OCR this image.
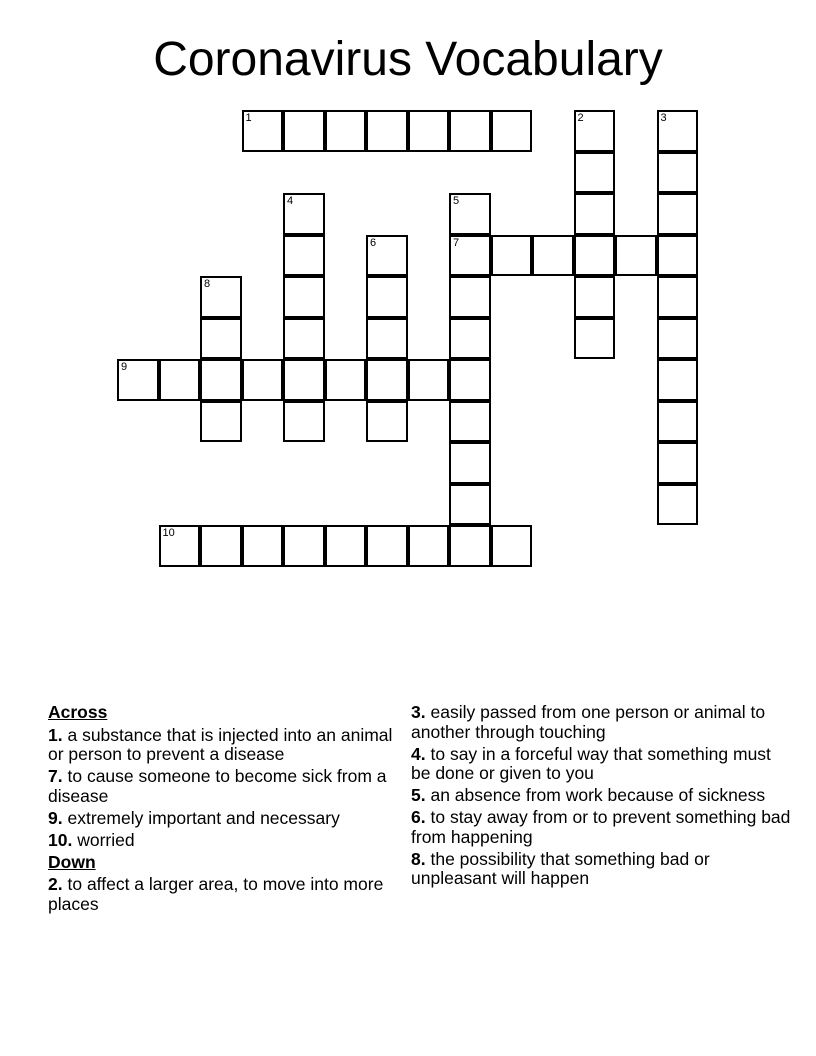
Coronavirus Vocabulary
1	2	3
4	5
7
6
8
9
10
Across
1. a substance that is injected into an animal or person to prevent a disease
7. to cause someone to become sick from a disease
9. extremely important and necessary
10. worried
Down
2. to affect a larger area, to move into more places
3. easily passed from one person or animal to another through touching
4. to say in a forceful way that something must be done or given to you
5. an absence from work because of sickness
6. to stay away from or to prevent something bad from happening
8. the possibility that something bad or unpleasant will happen
